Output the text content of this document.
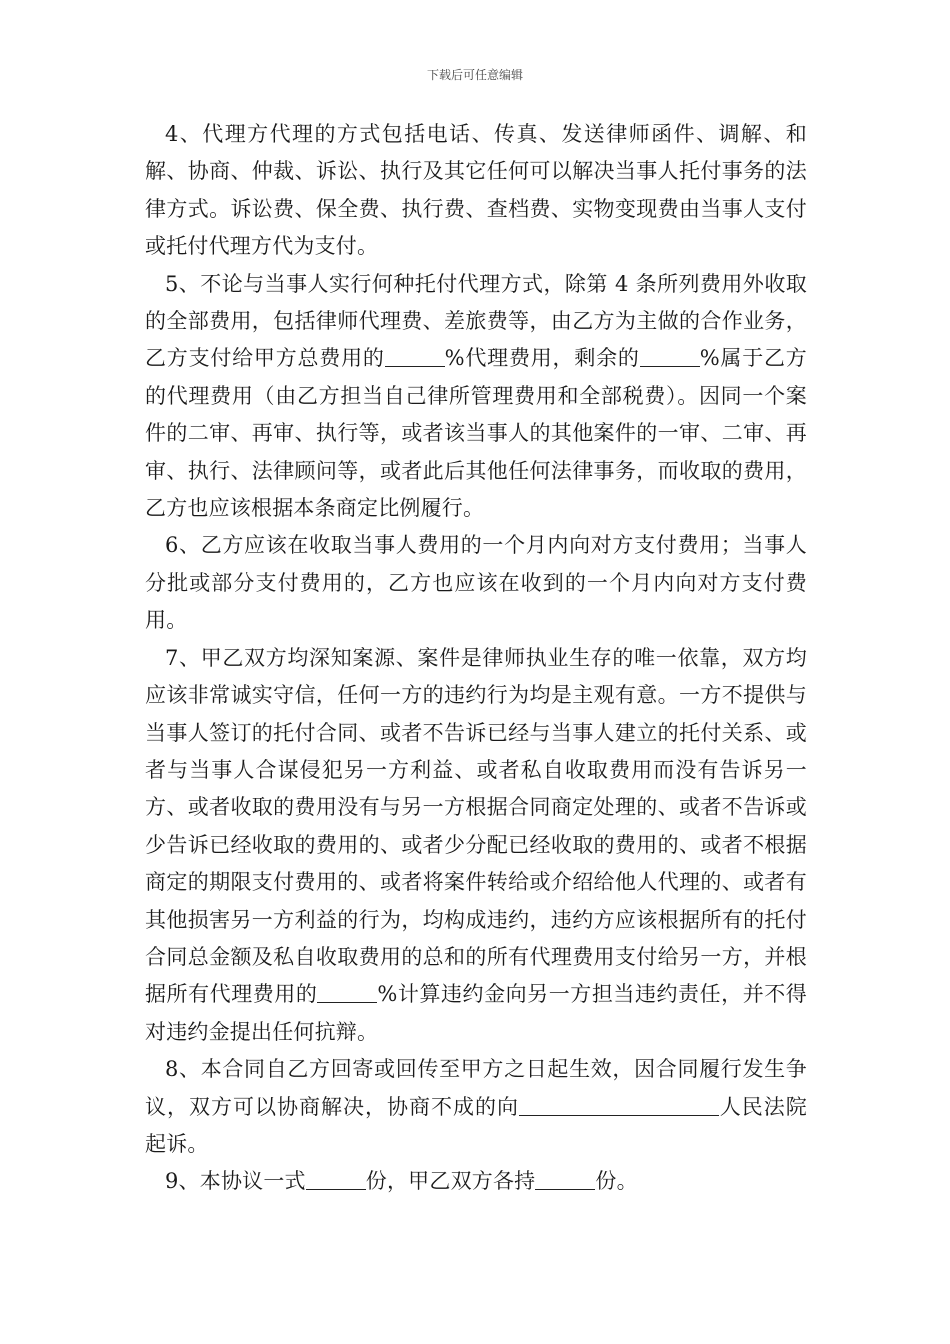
下载后可任意编辑

4、代理方代理的方式包括电话、传真、发送律师函件、调解、和解、协商、仲裁、诉讼、执行及其它任何可以解决当事人托付事务的法律方式。诉讼费、保全费、执行费、查档费、实物变现费由当事人支付或托付代理方代为支付。

5、不论与当事人实行何种托付代理方式，除第 4 条所列费用外收取的全部费用，包括律师代理费、差旅费等，由乙方为主做的合作业务，乙方支付给甲方总费用的	%代理费用，剩余的	%属于乙方的代理费用（由乙方担当自己律所管理费用和全部税费）。因同一个案件的二审、再审、执行等，或者该当事人的其他案件的一审、二审、再审、执行、法律顾问等，或者此后其他任何法律事务，而收取的费用，乙方也应该根据本条商定比例履行。

6、乙方应该在收取当事人费用的一个月内向对方支付费用；当事人分批或部分支付费用的，乙方也应该在收到的一个月内向对方支付费用。

7、甲乙双方均深知案源、案件是律师执业生存的唯一依靠，双方均应该非常诚实守信，任何一方的违约行为均是主观有意。一方不提供与当事人签订的托付合同、或者不告诉已经与当事人建立的托付关系、或者与当事人合谋侵犯另一方利益、或者私自收取费用而没有告诉另一方、或者收取的费用没有与另一方根据合同商定处理的、或者不告诉或少告诉已经收取的费用的、或者少分配已经收取的费用的、或者不根据商定的期限支付费用的、或者将案件转给或介绍给他人代理的、或者有其他损害另一方利益的行为，均构成违约，违约方应该根据所有的托付合同总金额及私自收取费用的总和的所有代理费用支付给另一方，并根据所有代理费用的	%计算违约金向另一方担当违约责任，并不得对违约金提出任何抗辩。

8、本合同自乙方回寄或回传至甲方之日起生效，因合同履行发生争议，双方可以协商解决，协商不成的向	人民法院起诉。

9、本协议一式	份，甲乙双方各持	份。
